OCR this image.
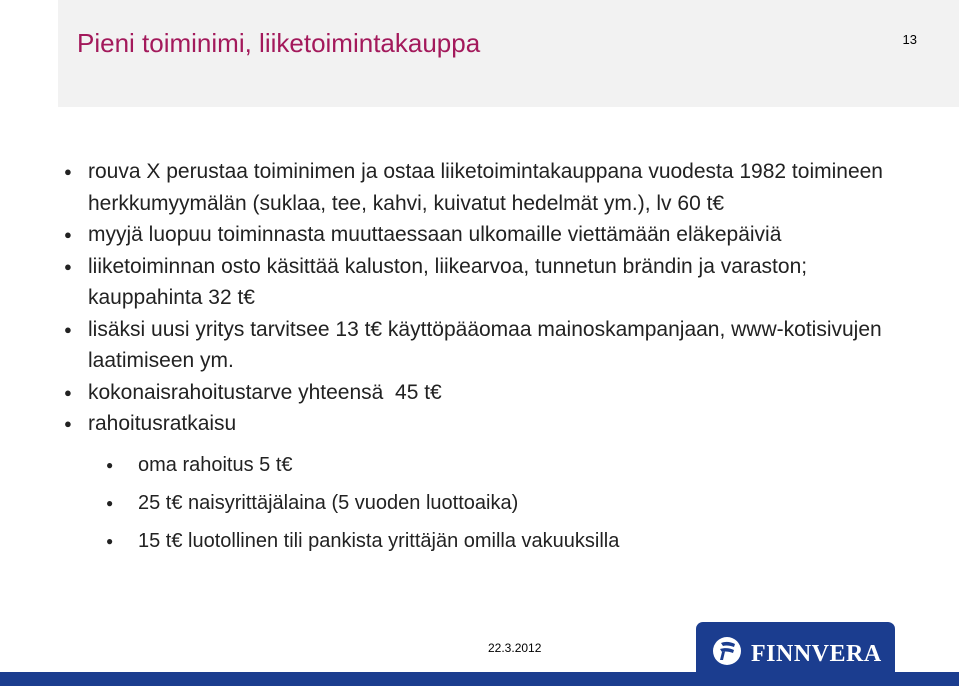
Pieni toiminimi, liiketoimintakauppa	13
● rouva X perustaa toiminimen ja ostaa liiketoimintakauppana vuodesta 1982 toimineen herkkumyymälän (suklaa, tee, kahvi, kuivatut hedelmät ym.), lv 60 t€
● myyjä luopuu toiminnasta muuttaessaan ulkomaille viettämään eläkepäiviä
● liiketoiminnan osto käsittää kaluston, liikearvoa, tunnetun brändin ja varaston; kauppahinta 32 t€
● lisäksi uusi yritys tarvitsee 13 t€ käyttöpääomaa mainoskampanjaan, www-kotisivujen laatimiseen ym.
● kokonaisrahoitustarve yhteensä  45 t€
● rahoitusratkaisu
● oma rahoitus 5 t€
● 25 t€ naisyrittäjälaina (5 vuoden luottoaika)
● 15 t€ luotollinen tili pankista yrittäjän omilla vakuuksilla
22.3.2012	FINNVERA
